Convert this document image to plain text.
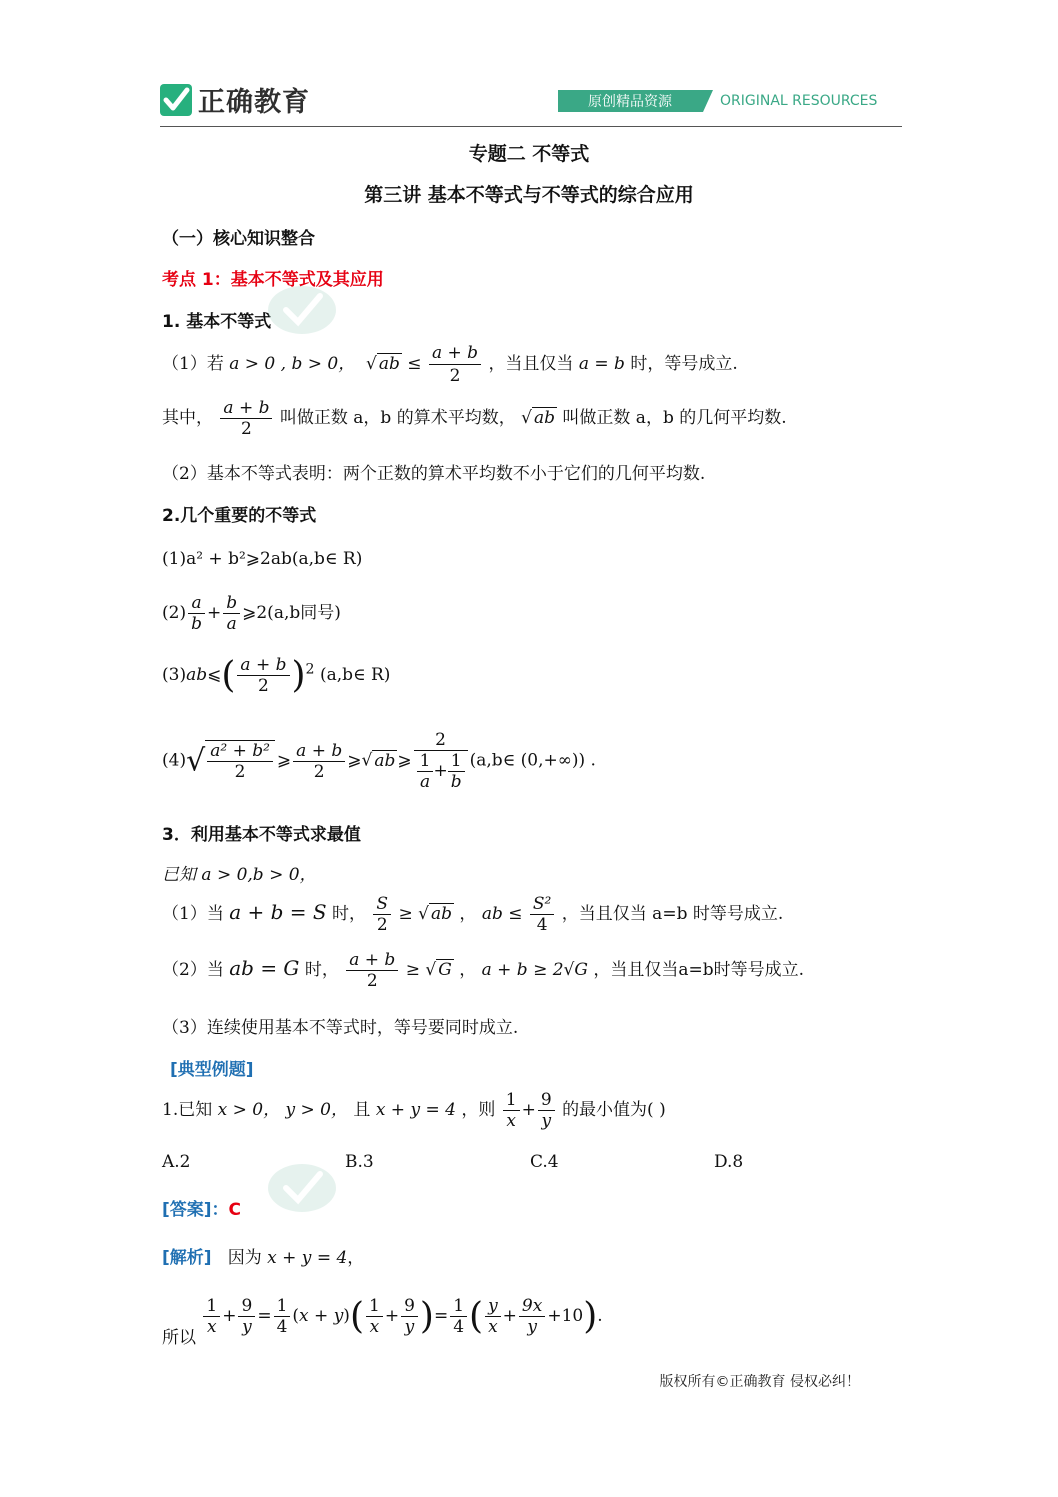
正确教育	原创精品资源	ORIGINAL RESOURCES
专题二 不等式
第三讲 基本不等式与不等式的综合应用
（一）核心知识整合
考点 1：基本不等式及其应用
1. 基本不等式
（1）若 a > 0 , b > 0，  √ ab ≤ $\frac{a + b}{2}$ ，当且仅当 a = b 时，等号成立.
其中， $\frac{a + b}{2}$ 叫做正数 a，b 的算术平均数， √ ab 叫做正数 a，b 的几何平均数.
（2）基本不等式表明：两个正数的算术平均数不小于它们的几何平均数.
2.几个重要的不等式
(1)a² + b²⩾2ab(a,b∈ R)
$(2) \frac{a}{b} + \frac{b}{a}$ ⩾2(a,b同号)
(3)ab⩽( $\frac{a + b}{2} )^2$ (a,b∈ R)
$(4)√ \frac{\text{a² + b²}}{2}$ ⩾ $\frac{a + b}{2}$ ⩾√ ab ⩾ $\frac{2}{\frac{1}{a} + \frac{1}{b}}$ (a,b∈ (0,+∞)) .
3．利用基本不等式求最值
已知 a > 0,b > 0，
（1）当 a + b = S 时， $\frac{S}{2}$ ≥ √ ab ， ab ≤ $\frac{\text{S²}}{4}$ ，当且仅当 a=b 时等号成立.
（2）当 ab = G 时， $\frac{a + b}{2}$ ≥ √ G ， a + b ≥ 2√G ，当且仅当a=b时等号成立.
（3）连续使用基本不等式时，等号要同时成立.
[典型例题]
1.已知 x > 0， y > 0， 且 x + y = 4 ，则 $\frac{1}{x} + \frac{9}{y}$ 的最小值为( )
A.2	B.3	C.4	D.8
[答案]：C
[解析] 因为 x + y = 4，
所以
$\frac{1}{x} + \frac{9}{y} = \frac{1}{4} (x + y)( \frac{1}{x} + \frac{9}{y}$ )= $\frac{1}{4}$ ( $\frac{y}{x} + \frac{9x}{y} +10$).
版权所有©正确教育 侵权必纠！
